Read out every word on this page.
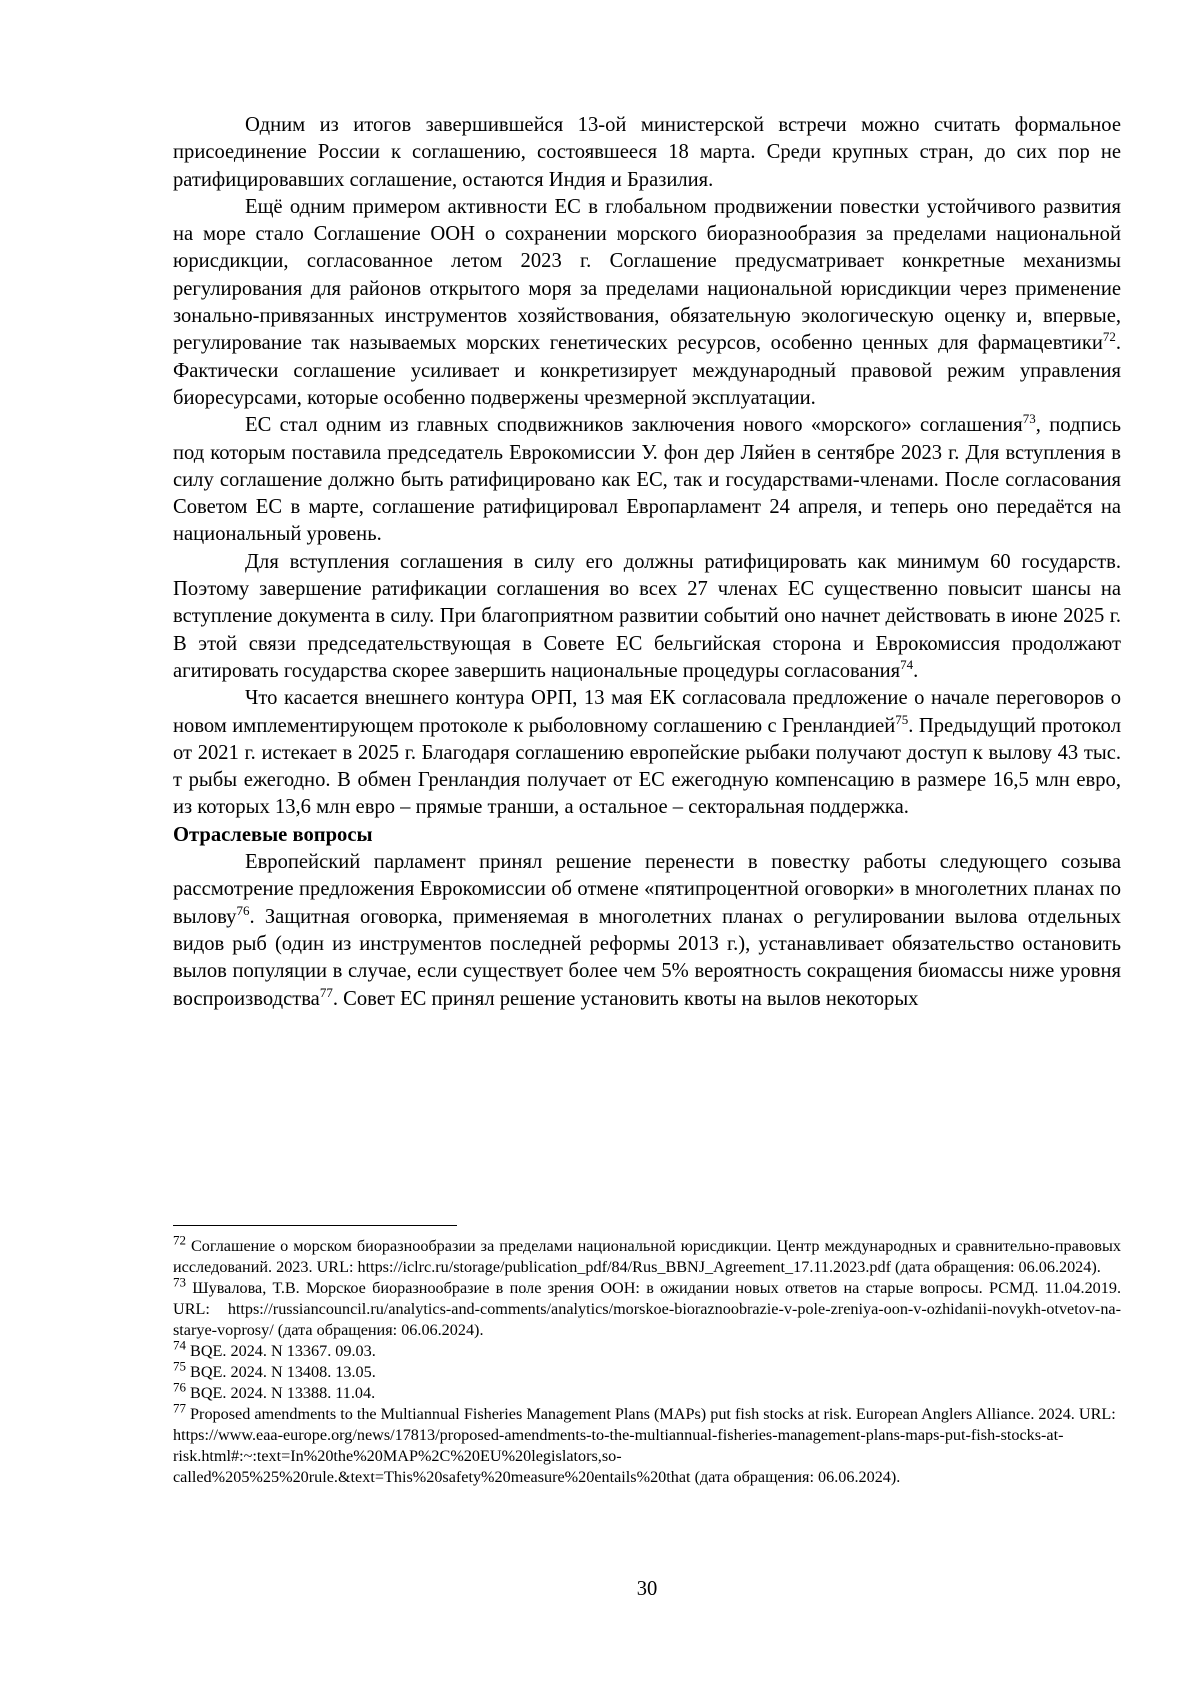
Одним из итогов завершившейся 13-ой министерской встречи можно считать формальное присоединение России к соглашению, состоявшееся 18 марта. Среди крупных стран, до сих пор не ратифицировавших соглашение, остаются Индия и Бразилия.

Ещё одним примером активности ЕС в глобальном продвижении повестки устойчивого развития на море стало Соглашение ООН о сохранении морского биоразнообразия за пределами национальной юрисдикции, согласованное летом 2023 г. Соглашение предусматривает конкретные механизмы регулирования для районов открытого моря за пределами национальной юрисдикции через применение зонально-привязанных инструментов хозяйствования, обязательную экологическую оценку и, впервые, регулирование так называемых морских генетических ресурсов, особенно ценных для фармацевтики$^{72}$. Фактически соглашение усиливает и конкретизирует международный правовой режим управления биоресурсами, которые особенно подвержены чрезмерной эксплуатации.

ЕС стал одним из главных сподвижников заключения нового «морского» соглашения$^{73}$, подпись под которым поставила председатель Еврокомиссии У. фон дер Ляйен в сентябре 2023 г. Для вступления в силу соглашение должно быть ратифицировано как ЕС, так и государствами-членами. После согласования Советом ЕС в марте, соглашение ратифицировал Европарламент 24 апреля, и теперь оно передаётся на национальный уровень.

Для вступления соглашения в силу его должны ратифицировать как минимум 60 государств. Поэтому завершение ратификации соглашения во всех 27 членах ЕС существенно повысит шансы на вступление документа в силу. При благоприятном развитии событий оно начнет действовать в июне 2025 г. В этой связи председательствующая в Совете ЕС бельгийская сторона и Еврокомиссия продолжают агитировать государства скорее завершить национальные процедуры согласования$^{74}$.

Что касается внешнего контура ОРП, 13 мая ЕК согласовала предложение о начале переговоров о новом имплементирующем протоколе к рыболовному соглашению с Гренландией$^{75}$. Предыдущий протокол от 2021 г. истекает в 2025 г. Благодаря соглашению европейские рыбаки получают доступ к вылову 43 тыс. т рыбы ежегодно. В обмен Гренландия получает от ЕС ежегодную компенсацию в размере 16,5 млн евро, из которых 13,6 млн евро – прямые транши, а остальное – секторальная поддержка.

Отраслевые вопросы

Европейский парламент принял решение перенести в повестку работы следующего созыва рассмотрение предложения Еврокомиссии об отмене «пятипроцентной оговорки» в многолетних планах по вылову$^{76}$. Защитная оговорка, применяемая в многолетних планах о регулировании вылова отдельных видов рыб (один из инструментов последней реформы 2013 г.), устанавливает обязательство остановить вылов популяции в случае, если существует более чем 5% вероятность сокращения биомассы ниже уровня воспроизводства$^{77}$. Совет ЕС принял решение установить квоты на вылов некоторых

$^{72}$ Соглашение о морском биоразнообразии за пределами национальной юрисдикции. Центр международных и сравнительно-правовых исследований. 2023. URL: https://iclrc.ru/storage/publication_pdf/84/Rus_BBNJ_Agreement_17.11.2023.pdf (дата обращения: 06.06.2024).

$^{73}$ Шувалова, Т.В. Морское биоразнообразие в поле зрения ООН: в ожидании новых ответов на старые вопросы. РСМД. 11.04.2019. URL: https://russiancouncil.ru/analytics-and-comments/analytics/morskoe-bioraznoobrazie-v-pole-zreniya-oon-v-ozhidanii-novykh-otvetov-na-starye-voprosy/ (дата обращения: 06.06.2024).

$^{74}$ BQE. 2024. N 13367. 09.03.

$^{75}$ BQE. 2024. N 13408. 13.05.

$^{76}$ BQE. 2024. N 13388. 11.04.

$^{77}$ Proposed amendments to the Multiannual Fisheries Management Plans (MAPs) put fish stocks at risk. European Anglers Alliance. 2024. URL: https://www.eaa-europe.org/news/17813/proposed-amendments-to-the-multiannual-fisheries-management-plans-maps-put-fish-stocks-at-risk.html#:~:text=In%20the%20MAP%2C%20EU%20legislators,so-called%205%25%20rule.&text=This%20safety%20measure%20entails%20that (дата обращения: 06.06.2024).

30
